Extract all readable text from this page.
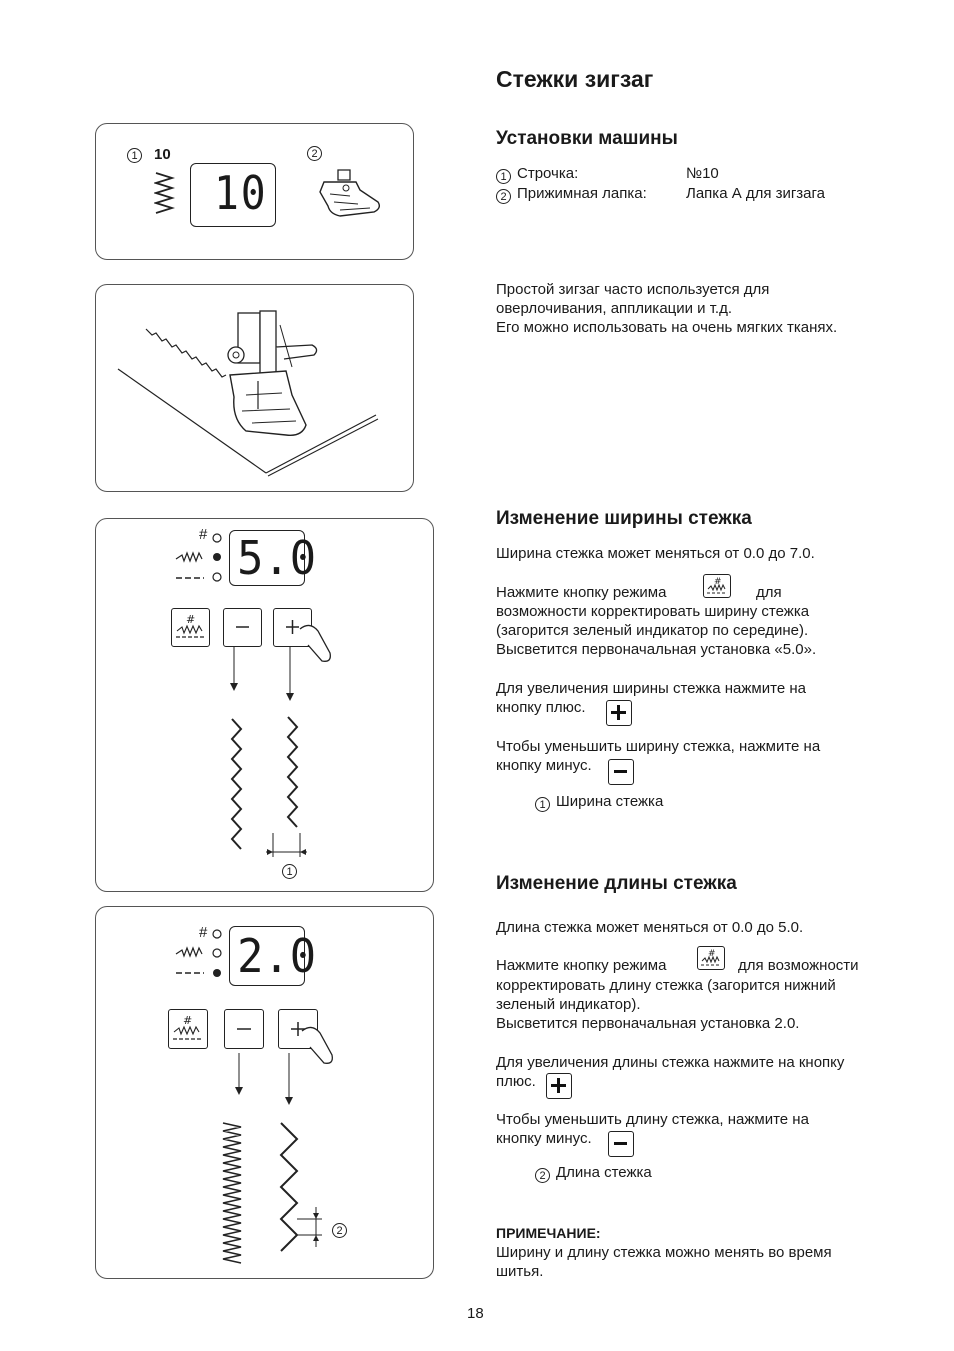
Стежки зигзаг
Установки машины
1 Строчка:	№10
2 Прижимная лапка:	Лапка А для зигзага
Простой зигзаг часто используется для
оверлочивания, аппликации и т.д.
Его можно использовать на очень мягких тканях.
Изменение ширины стежка
Ширина стежка может меняться от 0.0 до 7.0.
Нажмите кнопку режима
#
для
возможности корректировать ширину стежка
(загорится зеленый индикатор по середине).
Высветится первоначальная установка «5.0».
Для увеличения ширины стежка нажмите на
кнопку плюс.
Чтобы уменьшить ширину стежка, нажмите на
кнопку минус.
1 Ширина стежка
Изменение длины стежка
Длина стежка может меняться от 0.0 до 5.0.
Нажмите кнопку режима
#
для возможности
корректировать длину стежка (загорится нижний
зеленый индикатор).
Высветится первоначальная установка 2.0.
Для увеличения длины стежка нажмите на кнопку
плюс.
Чтобы уменьшить длину стежка, нажмите на
кнопку минус.
2 Длина стежка
ПРИМЕЧАНИЕ:
Ширину и длину стежка можно менять во время
шитья.
18
1 10
10
2
# 5.0
#
1
# 2.0
#
2
